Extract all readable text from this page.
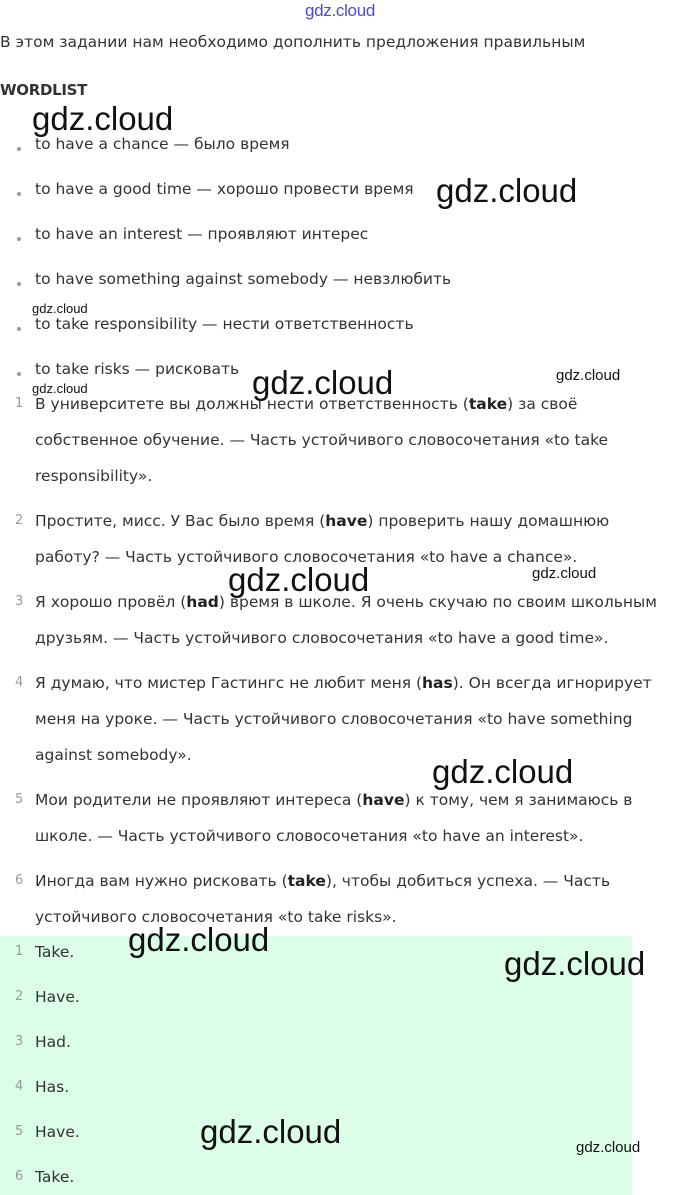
gdz.cloud
В этом задании нам необходимо дополнить предложения правильным
WORDLIST
to have a chance — было время
to have a good time — хорошо провести время
to have an interest — проявляют интерес
to have something against somebody — невзлюбить
to take responsibility — нести ответственность
to take risks — рисковать
1 В университете вы должны нести ответственность (take) за своё
собственное обучение. — Часть устойчивого словосочетания «to take
responsibility».
2 Простите, мисс. У Вас было время (have) проверить нашу домашнюю
работу? — Часть устойчивого словосочетания «to have a chance».
3 Я хорошо провёл (had) время в школе. Я очень скучаю по своим школьным
друзьям. — Часть устойчивого словосочетания «to have a good time».
4 Я думаю, что мистер Гастингс не любит меня (has). Он всегда игнорирует
меня на уроке. — Часть устойчивого словосочетания «to have something
against somebody».
5 Мои родители не проявляют интереса (have) к тому, чем я занимаюсь в
школе. — Часть устойчивого словосочетания «to have an interest».
6 Иногда вам нужно рисковать (take), чтобы добиться успеха. — Часть
устойчивого словосочетания «to take risks».
1 Take.
2 Have.
3 Had.
4 Has.
5 Have.
6 Take.
gdz.cloud
gdz.cloud
gdz.cloud
gdz.cloud	gdz.cloud	gdz.cloud
gdz.cloud	gdz.cloud
gdz.cloud
gdz.cloud
gdz.cloud
gdz.cloud	gdz.cloud
